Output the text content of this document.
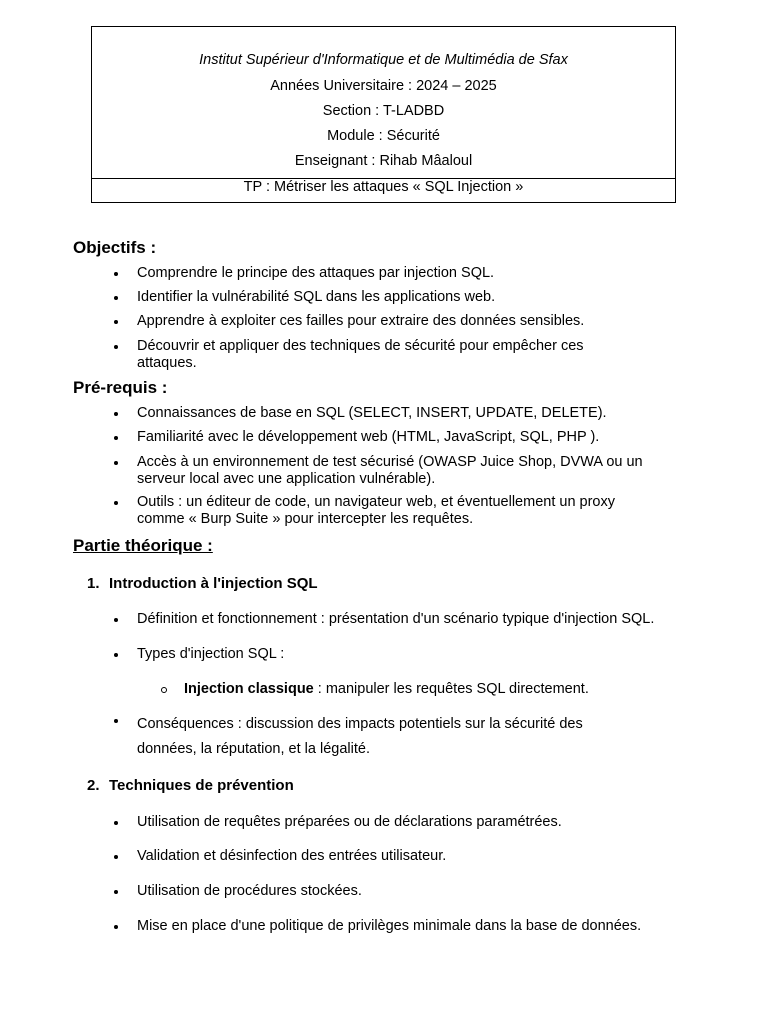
Institut Supérieur d'Informatique et de Multimédia de Sfax
Années Universitaire : 2024 – 2025
Section : T-LADBD
Module : Sécurité
Enseignant : Rihab Mâaloul
TP : Métriser les attaques « SQL Injection »
Objectifs :
Comprendre le principe des attaques par injection SQL.
Identifier la vulnérabilité SQL dans les applications web.
Apprendre à exploiter ces failles pour extraire des données sensibles.
Découvrir et appliquer des techniques de sécurité pour empêcher ces attaques.
Pré-requis :
Connaissances de base en SQL (SELECT, INSERT, UPDATE, DELETE).
Familiarité avec le développement web (HTML, JavaScript, SQL, PHP ).
Accès à un environnement de test sécurisé (OWASP Juice Shop, DVWA ou un serveur local avec une application vulnérable).
Outils : un éditeur de code, un navigateur web, et éventuellement un proxy comme « Burp Suite » pour intercepter les requêtes.
Partie théorique :
1. Introduction à l'injection SQL
Définition et fonctionnement : présentation d'un scénario typique d'injection SQL.
Types d'injection SQL :
Injection classique : manipuler les requêtes SQL directement.
Conséquences : discussion des impacts potentiels sur la sécurité des données, la réputation, et la légalité.
2. Techniques de prévention
Utilisation de requêtes préparées ou de déclarations paramétrées.
Validation et désinfection des entrées utilisateur.
Utilisation de procédures stockées.
Mise en place d'une politique de privilèges minimale dans la base de données.
